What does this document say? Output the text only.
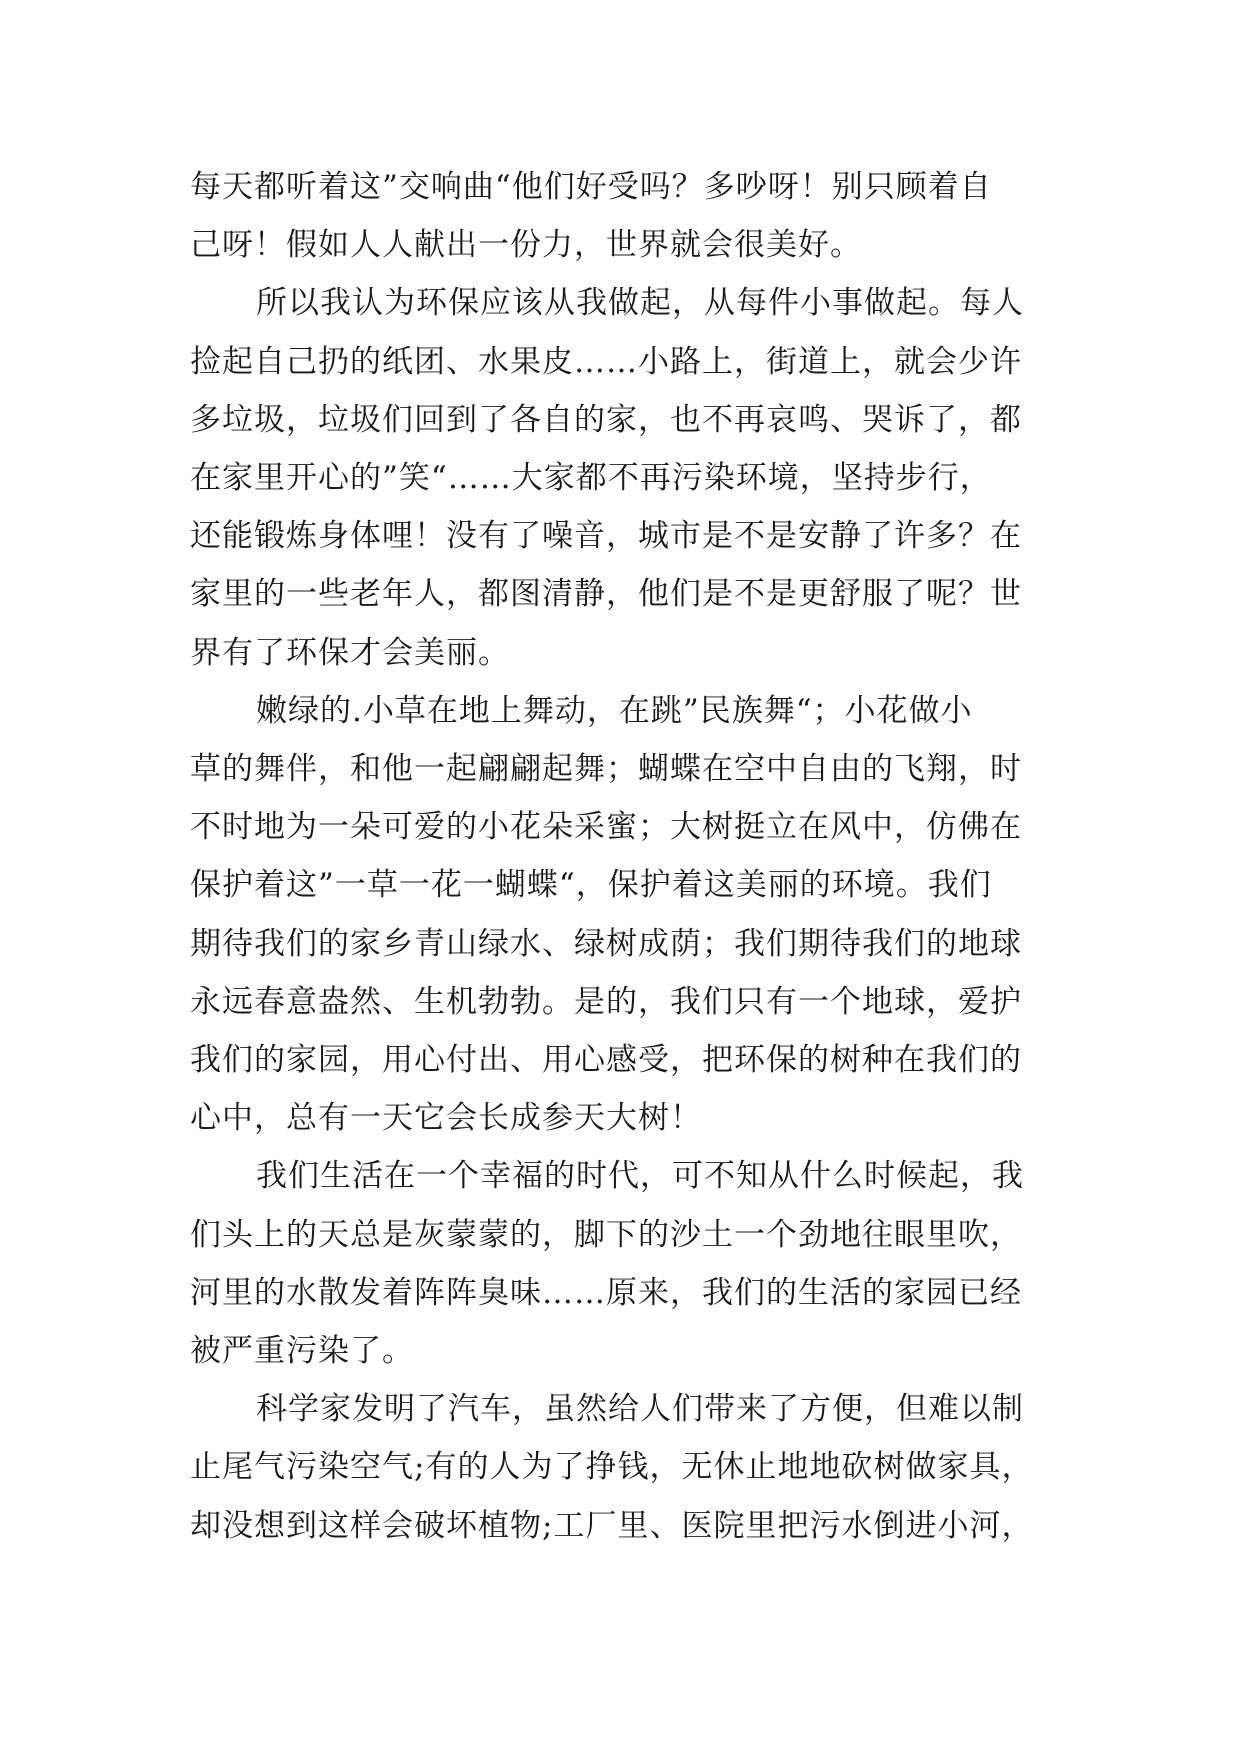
每天都听着这”交响曲“他们好受吗？多吵呀！别只顾着自
己呀！假如人人献出一份力，世界就会很美好。

所以我认为环保应该从我做起，从每件小事做起。每人
捡起自己扔的纸团、水果皮……小路上，街道上，就会少许
多垃圾，垃圾们回到了各自的家，也不再哀鸣、哭诉了，都
在家里开心的”笑“……大家都不再污染环境，坚持步行，
还能锻炼身体哩！没有了噪音，城市是不是安静了许多？在
家里的一些老年人，都图清静，他们是不是更舒服了呢？世
界有了环保才会美丽。

嫩绿的.小草在地上舞动，在跳”民族舞“；小花做小
草的舞伴，和他一起翩翩起舞；蝴蝶在空中自由的飞翔，时
不时地为一朵可爱的小花朵采蜜；大树挺立在风中，仿佛在
保护着这”一草一花一蝴蝶“，保护着这美丽的环境。我们
期待我们的家乡青山绿水、绿树成荫；我们期待我们的地球
永远春意盎然、生机勃勃。是的，我们只有一个地球，爱护
我们的家园，用心付出、用心感受，把环保的树种在我们的
心中，总有一天它会长成参天大树！

我们生活在一个幸福的时代，可不知从什么时候起，我
们头上的天总是灰蒙蒙的，脚下的沙土一个劲地往眼里吹，
河里的水散发着阵阵臭味……原来，我们的生活的家园已经
被严重污染了。

科学家发明了汽车，虽然给人们带来了方便，但难以制
止尾气污染空气;有的人为了挣钱，无休止地地砍树做家具，
却没想到这样会破坏植物;工厂里、医院里把污水倒进小河，
